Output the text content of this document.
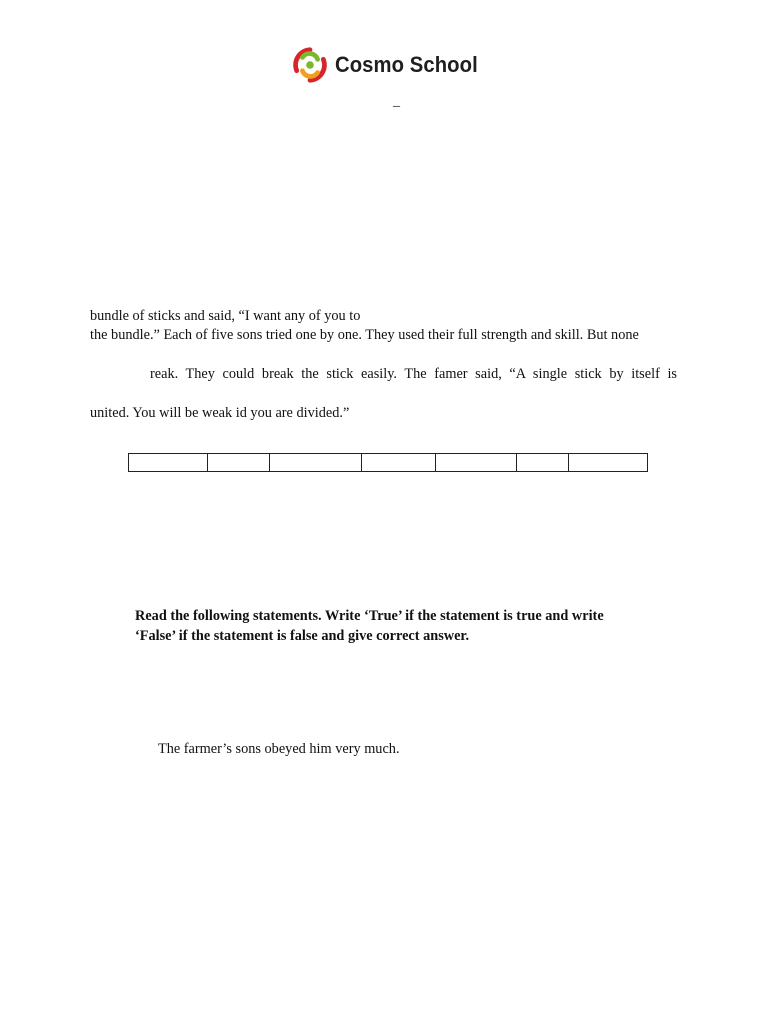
Cosmo School
_
bundle of sticks and said, “I want any of you to
the bundle.” Each of five sons tried one by one. They used their full strength and skill. But none
reak. They could break the stick easily. The famer said, “A single stick by itself is
united. You will be weak id you are divided.”

Read the following statements. Write ‘True’ if the statement is true and write
‘False’ if the statement is false and give correct answer.
The farmer’s sons obeyed him very much.
